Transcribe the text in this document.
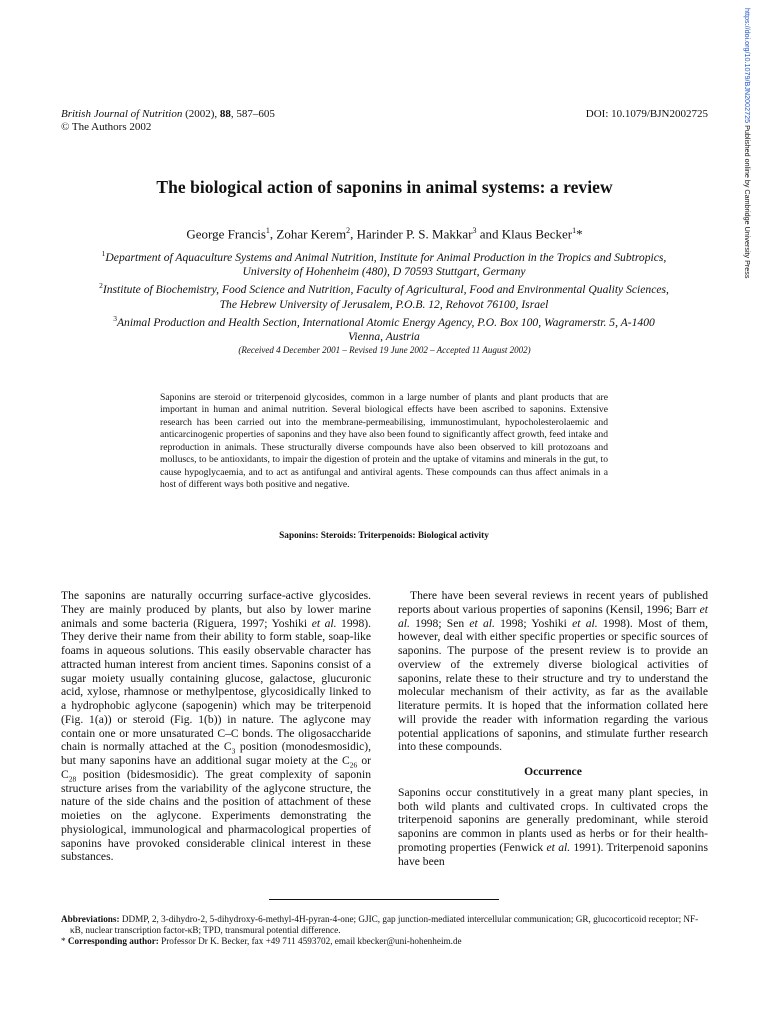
https://doi.org/10.1079/BJN2002725 Published online by Cambridge University Press
British Journal of Nutrition (2002), 88, 587–605
© The Authors 2002
DOI: 10.1079/BJN2002725
The biological action of saponins in animal systems: a review
George Francis$^1$, Zohar Kerem$^2$, Harinder P. S. Makkar$^3$ and Klaus Becker$^1$*
$^1$Department of Aquaculture Systems and Animal Nutrition, Institute for Animal Production in the Tropics and Subtropics,
University of Hohenheim (480), D 70593 Stuttgart, Germany
$^2$Institute of Biochemistry, Food Science and Nutrition, Faculty of Agricultural, Food and Environmental Quality Sciences,
The Hebrew University of Jerusalem, P.O.B. 12, Rehovot 76100, Israel
$^3$Animal Production and Health Section, International Atomic Energy Agency, P.O. Box 100, Wagramerstr. 5, A-1400
Vienna, Austria
(Received 4 December 2001 – Revised 19 June 2002 – Accepted 11 August 2002)
Saponins are steroid or triterpenoid glycosides, common in a large number of plants and plant products that are important in human and animal nutrition. Several biological effects have been ascribed to saponins. Extensive research has been carried out into the membrane-permeabilising, immunostimulant, hypocholesterolaemic and anticarcinogenic properties of saponins and they have also been found to significantly affect growth, feed intake and reproduction in animals. These structurally diverse compounds have also been observed to kill protozoans and molluscs, to be antioxidants, to impair the digestion of protein and the uptake of vitamins and minerals in the gut, to cause hypoglycaemia, and to act as antifungal and antiviral agents. These compounds can thus affect animals in a host of different ways both positive and negative.
Saponins: Steroids: Triterpenoids: Biological activity

The saponins are naturally occurring surface-active glycosides. They are mainly produced by plants, but also by lower marine animals and some bacteria (Riguera, 1997; Yoshiki et al. 1998). They derive their name from their ability to form stable, soap-like foams in aqueous solutions. This easily observable character has attracted human interest from ancient times. Saponins consist of a sugar moiety usually containing glucose, galactose, glucuronic acid, xylose, rhamnose or methylpentose, glycosidically linked to a hydrophobic aglycone (sapogenin) which may be triterpenoid (Fig. 1(a)) or steroid (Fig. 1(b)) in nature. The aglycone may contain one or more unsaturated C–C bonds. The oligosaccharide chain is normally attached at the $C_3$ position (monodesmosidic), but many saponins have an additional sugar moiety at the $C_{26}$ or $C_{28}$ position (bidesmosidic). The great complexity of saponin structure arises from the variability of the aglycone structure, the nature of the side chains and the position of attachment of these moieties on the aglycone. Experiments demonstrating the physiological, immunological and pharmacological properties of saponins have provoked considerable clinical interest in these substances.

There have been several reviews in recent years of published reports about various properties of saponins (Kensil, 1996; Barr et al. 1998; Sen et al. 1998; Yoshiki et al. 1998). Most of them, however, deal with either specific properties or specific sources of saponins. The purpose of the present review is to provide an overview of the extremely diverse biological activities of saponins, relate these to their structure and try to understand the molecular mechanism of their activity, as far as the available literature permits. It is hoped that the information collated here will provide the reader with information regarding the various potential applications of saponins, and stimulate further research into these compounds.

Occurrence

Saponins occur constitutively in a great many plant species, in both wild plants and cultivated crops. In cultivated crops the triterpenoid saponins are generally predominant, while steroid saponins are common in plants used as herbs or for their health-promoting properties (Fenwick et al. 1991). Triterpenoid saponins have been

Abbreviations: DDMP, 2, 3-dihydro-2, 5-dihydroxy-6-methyl-4H-pyran-4-one; GJIC, gap junction-mediated intercellular communication; GR, glucocorticoid receptor; NF-κB, nuclear transcription factor-κB; TPD, transmural potential difference.

* Corresponding author: Professor Dr K. Becker, fax +49 711 4593702, email kbecker@uni-hohenheim.de
